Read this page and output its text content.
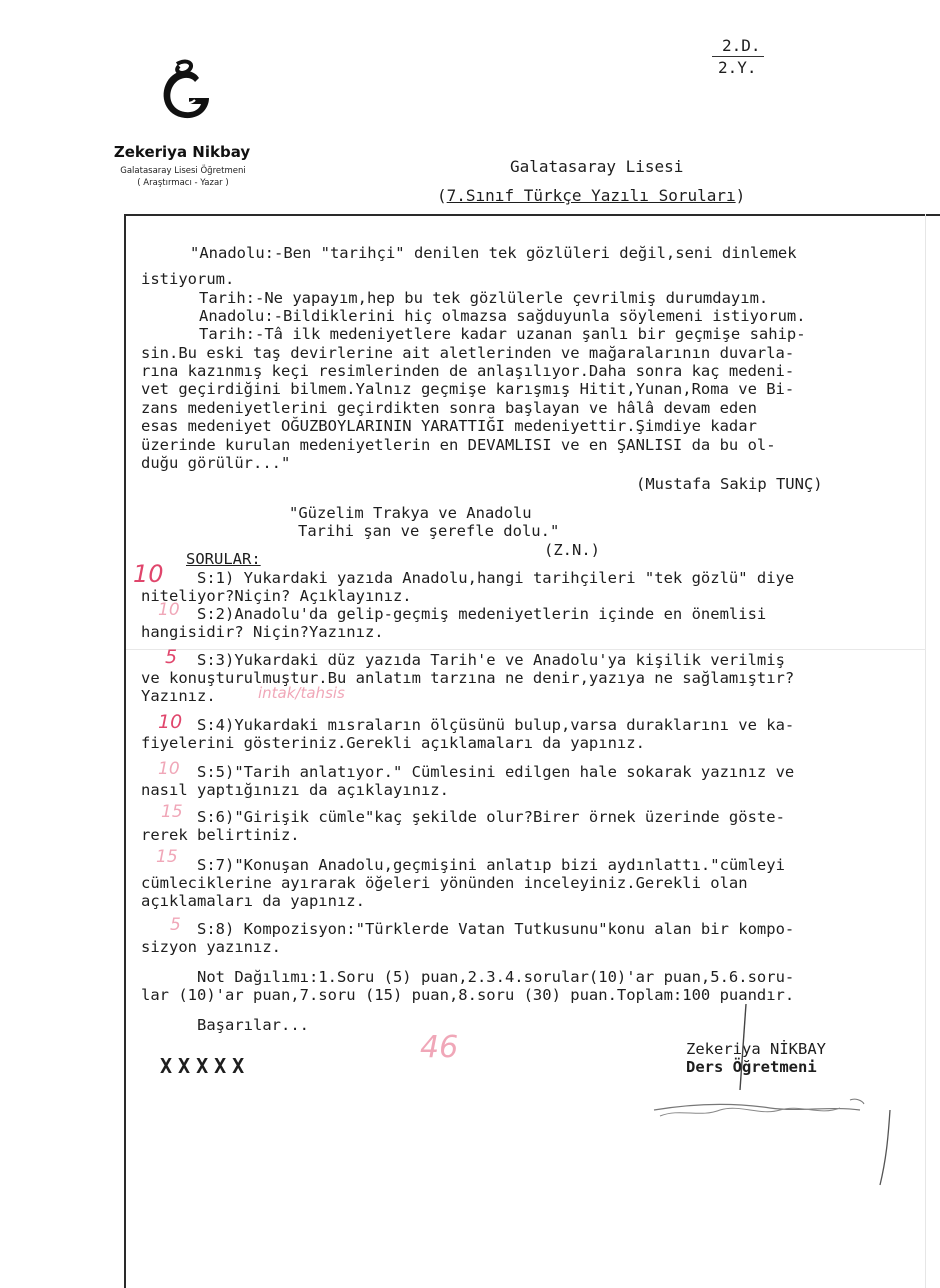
Zekeriya Nikbay
Galatasaray Lisesi Öğretmeni
( Araştırmacı - Yazar )
2.D.
2.Y.
Galatasaray Lisesi
(7.Sınıf Türkçe Yazılı Soruları)
"Anadolu:-Ben "tarihçi" denilen tek gözlüleri değil,seni dinlemek
istiyorum.
Tarih:-Ne yapayım,hep bu tek gözlülerle çevrilmiş durumdayım.
Anadolu:-Bildiklerini hiç olmazsa sağduyunla söylemeni istiyorum.
Tarih:-Tâ ilk medeniyetlere kadar uzanan şanlı bir geçmişe sahip-
sin.Bu eski taş devirlerine ait aletlerinden ve mağaralarının duvarla-
rına kazınmış keçi resimlerinden de anlaşılıyor.Daha sonra kaç medeni-
vet geçirdiğini bilmem.Yalnız geçmişe karışmış Hitit,Yunan,Roma ve Bi-
zans medeniyetlerini geçirdikten sonra başlayan ve hâlâ devam eden
esas medeniyet OĞUZBOYLARININ YARATTIĞI medeniyettir.Şimdiye kadar
üzerinde kurulan medeniyetlerin en DEVAMLISI ve en ŞANLISI da bu ol-
duğu görülür..."
(Mustafa Sakip TUNÇ)
"Güzelim Trakya ve Anadolu
Tarihi şan ve şerefle dolu."
(Z.N.)
SORULAR:
S:1) Yukardaki yazıda Anadolu,hangi tarihçileri "tek gözlü" diye
niteliyor?Niçin? Açıklayınız.
S:2)Anadolu'da gelip-geçmiş medeniyetlerin içinde en önemlisi
hangisidir? Niçin?Yazınız.
S:3)Yukardaki düz yazıda Tarih'e ve Anadolu'ya kişilik verilmiş
ve konuşturulmuştur.Bu anlatım tarzına ne denir,yazıya ne sağlamıştır?
Yazınız.
S:4)Yukardaki mısraların ölçüsünü bulup,varsa duraklarını ve ka-
fiyelerini gösteriniz.Gerekli açıklamaları da yapınız.
S:5)"Tarih anlatıyor." Cümlesini edilgen hale sokarak yazınız ve
nasıl yaptığınızı da açıklayınız.
S:6)"Girişik cümle"kaç şekilde olur?Birer örnek üzerinde göste-
rerek belirtiniz.
S:7)"Konuşan Anadolu,geçmişini anlatıp bizi aydınlattı."cümleyi
cümleciklerine ayırarak öğeleri yönünden inceleyiniz.Gerekli olan
açıklamaları da yapınız.
S:8) Kompozisyon:"Türklerde Vatan Tutkusunu"konu alan bir kompo-
sizyon yazınız.
Not Dağılımı:1.Soru (5) puan,2.3.4.sorular(10)'ar puan,5.6.soru-
lar (10)'ar puan,7.soru (15) puan,8.soru (30) puan.Toplam:100 puandır.
Başarılar...
XXXXX
Zekeriya NİKBAY
Ders Öğretmeni
10
10
5
intak/tahsis
10
10
15
15
5
46
